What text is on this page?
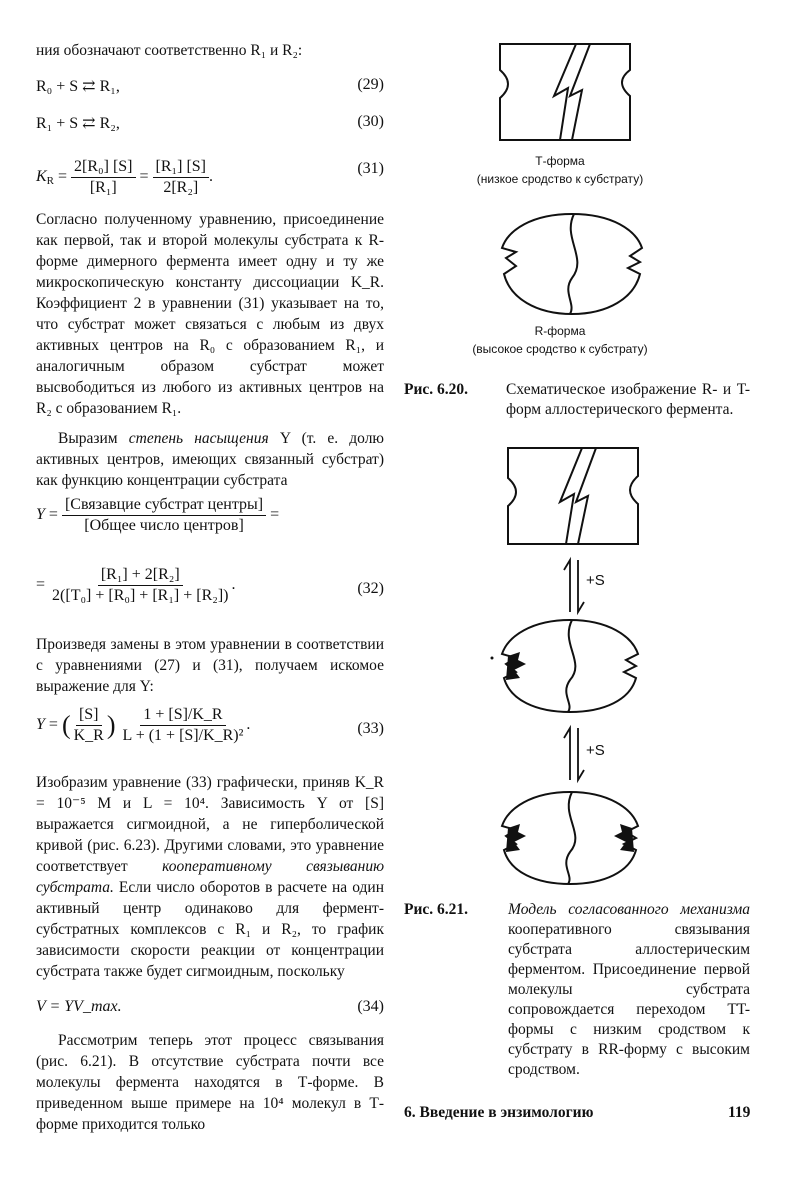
ния обозначают соответственно R₁ и R₂:

R₀ + S ⇄ R₁,	(29)
R₁ + S ⇄ R₂,	(30)
$K_R = \frac{\text{2[R₀] [S]}}{\text{[R₁]}} = \frac{\text{[R₁] [S]}}{\text{2[R₂]}}$ .	(31)

Согласно полученному уравнению, присоединение как первой, так и второй молекулы субстрата к R-форме димерного фермента имеет одну и ту же микроскопическую константу диссоциации K_R. Коэффициент 2 в уравнении (31) указывает на то, что субстрат может связаться с любым из двух активных центров на R₀ с образованием R₁, и аналогичным образом субстрат может высвободиться из любого из активных центров на R₂ с образованием R₁.

Выразим степень насыщения Y (т. е. долю активных центров, имеющих связанный субстрат) как функцию концентрации субстрата

$Y = \frac{\text{[Связавцие субстрат центры]}}{\text{[Общее число центров]}}$ =
= $\frac{\text{[R₁] + 2[R₂]}}{\text{2([T₀] + [R₀] + [R₁] + [R₂])}}$ .	(32)

Произведя замены в этом уравнении в соответствии с уравнениями (27) и (31), получаем искомое выражение для Y:

Y = ( $\frac{[S]}{K\_R}$ ) $\frac{1 + [S]/K\_R}{\text{L + (1 + [S]/K\_R)²}}$ .	(33)

Изобразим уравнение (33) графически, приняв K_R = 10⁻⁵ M и L = 10⁴. Зависимость Y от [S] выражается сигмоидной, а не гиперболической кривой (рис. 6.23). Другими словами, это уравнение соответствует кооперативному связыванию субстрата. Если число оборотов в расчете на один активный центр одинаково для фермент-субстратных комплексов с R₁ и R₂, то график зависимости скорости реакции от концентрации субстрата также будет сигмоидным, поскольку

V = YV_max.	(34)

Рассмотрим теперь этот процесс связывания (рис. 6.21). В отсутствие субстрата почти все молекулы фермента находятся в Т-форме. В приведенном выше примере на 10⁴ молекул в Т-форме приходится только

Т-форма
(низкое сродство к субстрату)
R-форма
(высокое сродство к субстрату)
Рис. 6.20. Схематическое изображение R- и T-форм аллостерического фермента.
+S
+S
Рис. 6.21.	Модель согласованного механизма кооперативного связывания субстрата аллостерическим ферментом. Присоединение первой молекулы субстрата сопровождается переходом TT-формы с низким сродством к субстрату в RR-форму с высоким сродством.
6. Введение в энзимологию	119
